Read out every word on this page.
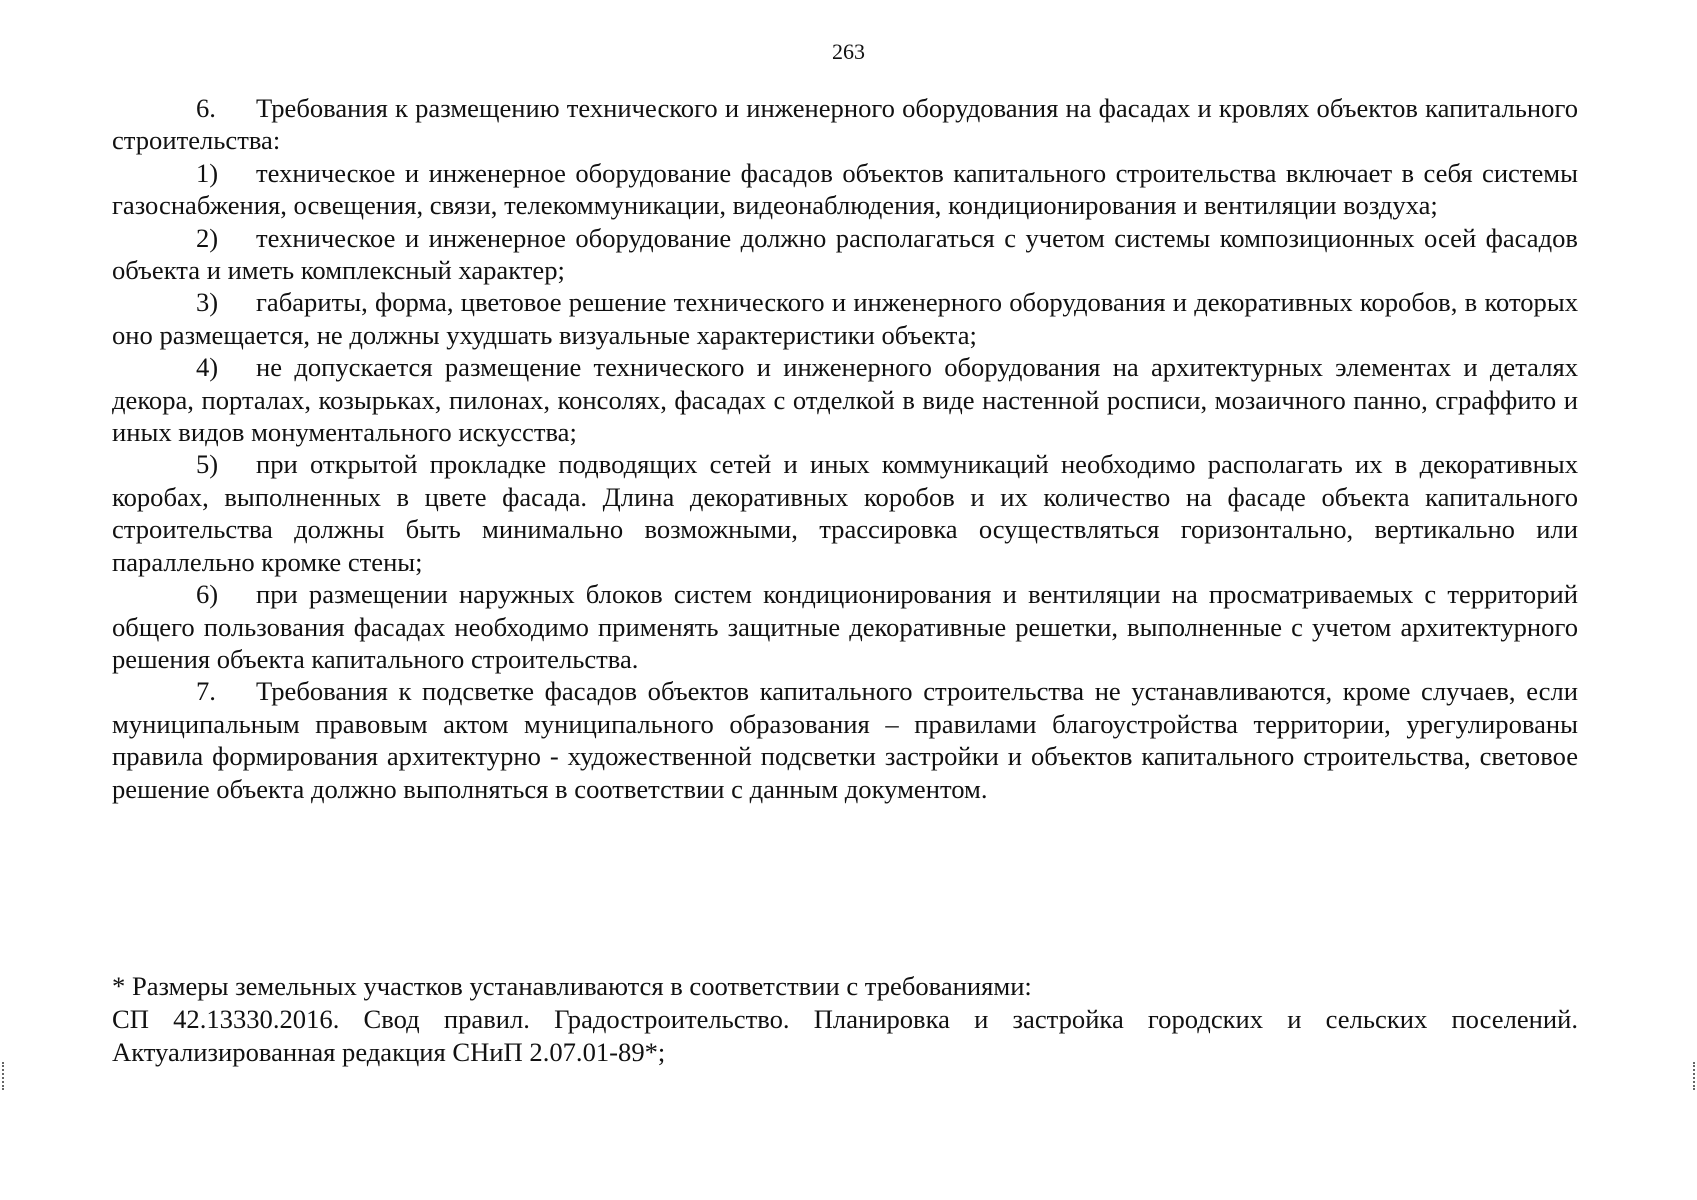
263

6. Требования к размещению технического и инженерного оборудования на фасадах и кровлях объектов капитального строительства:

1) техническое и инженерное оборудование фасадов объектов капитального строительства включает в себя системы газоснабжения, освещения, связи, телекоммуникации, видеонаблюдения, кондиционирования и вентиляции воздуха;

2) техническое и инженерное оборудование должно располагаться с учетом системы композиционных осей фасадов объекта и иметь комплексный характер;

3) габариты, форма, цветовое решение технического и инженерного оборудования и декоративных коробов, в которых оно размещается, не должны ухудшать визуальные характеристики объекта;

4) не допускается размещение технического и инженерного оборудования на архитектурных элементах и деталях декора, порталах, козырьках, пилонах, консолях, фасадах с отделкой в виде настенной росписи, мозаичного панно, сграффито и иных видов монументального искусства;

5) при открытой прокладке подводящих сетей и иных коммуникаций необходимо располагать их в декоративных коробах, выполненных в цвете фасада. Длина декоративных коробов и их количество на фасаде объекта капитального строительства должны быть минимально возможными, трассировка осуществляться горизонтально, вертикально или параллельно кромке стены;

6) при размещении наружных блоков систем кондиционирования и вентиляции на просматриваемых с территорий общего пользования фасадах необходимо применять защитные декоративные решетки, выполненные с учетом архитектурного решения объекта капитального строительства.

7. Требования к подсветке фасадов объектов капитального строительства не устанавливаются, кроме случаев, если муниципальным правовым актом муниципального образования – правилами благоустройства территории, урегулированы правила формирования архитектурно - художественной подсветки застройки и объектов капитального строительства, световое решение объекта должно выполняться в соответствии с данным документом.

* Размеры земельных участков устанавливаются в соответствии с требованиями:

СП 42.13330.2016. Свод правил. Градостроительство. Планировка и застройка городских и сельских поселений. Актуализированная редакция СНиП 2.07.01-89*;
